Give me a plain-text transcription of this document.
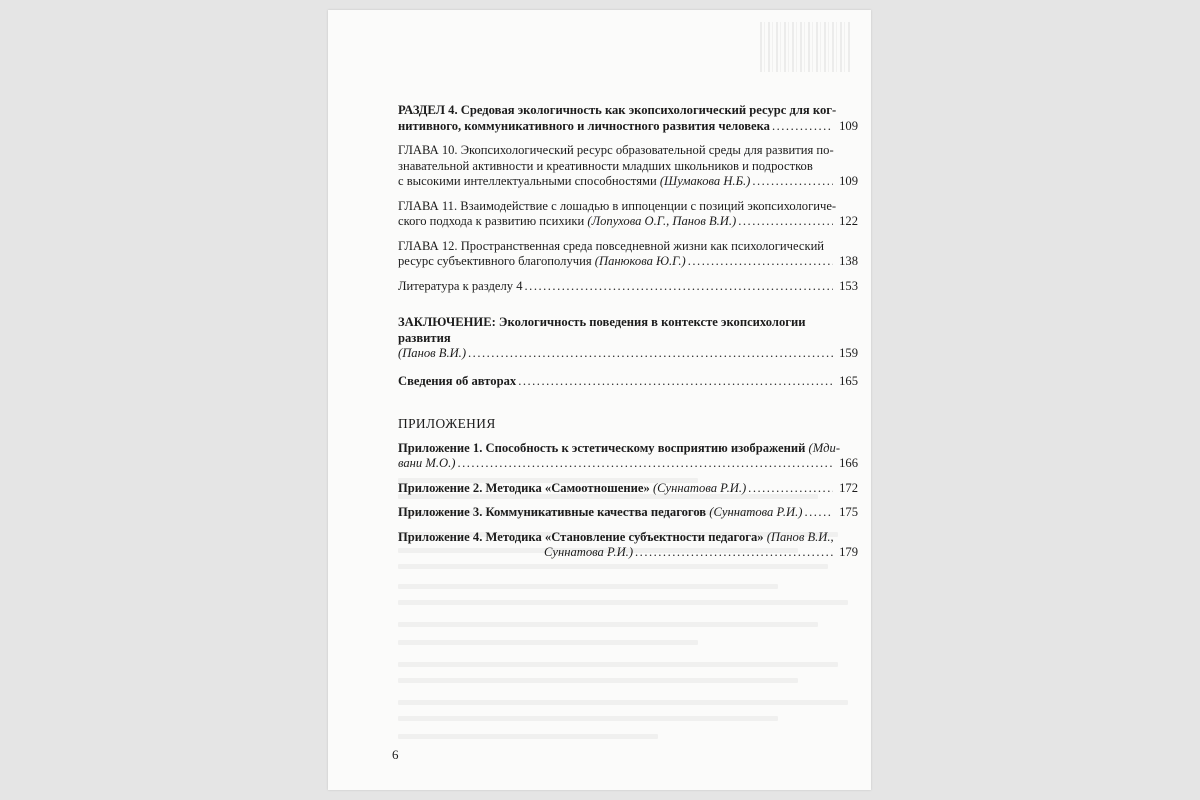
РАЗДЕЛ 4. Средовая экологичность как экопсихологический ресурс для ког-
нитивного, коммуникативного и личностного развития человека .....	109
ГЛАВА 10. Экопсихологический ресурс образовательной среды для развития по-
знавательной активности и креативности младших школьников и подростков
с высокими интеллектуальными способностями (Шумакова Н.Б.) .....	109
ГЛАВА 11. Взаимодействие с лошадью в иппоценции с позиций экопсихологиче-
ского подхода к развитию психики (Лопухова О.Г., Панов В.И.) .....	122
ГЛАВА 12. Пространственная среда повседневной жизни как психологический
ресурс субъективного благополучия (Панюкова Ю.Г.) .....	138
Литература к разделу 4 .....	153
ЗАКЛЮЧЕНИЕ: Экологичность поведения в контексте экопсихологии развития
(Панов В.И.) .....	159
Сведения об авторах .....	165
ПРИЛОЖЕНИЯ
Приложение 1. Способность к эстетическому восприятию изображений (Мди-
вани М.О.) .....	166
Приложение 2. Методика «Самоотношение» (Суннатова Р.И.) .....	172
Приложение 3. Коммуникативные качества педагогов (Суннатова Р.И.) .....	175
Приложение 4. Методика «Становление субъектности педагога» (Панов В.И.,
Суннатова Р.И.) .....	179
6
